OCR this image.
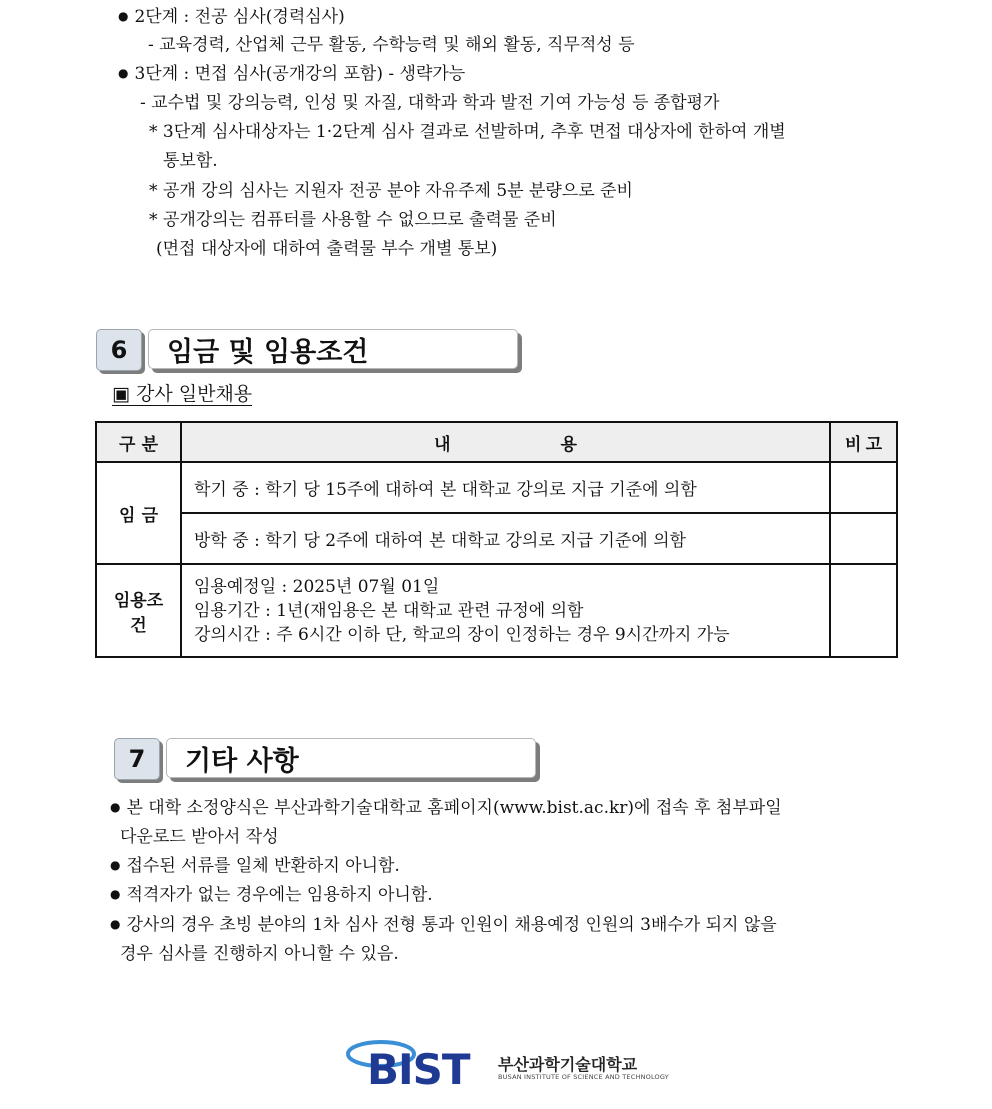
● 2단계 : 전공 심사(경력심사)
- 교육경력, 산업체 근무 활동, 수학능력 및 해외 활동, 직무적성 등
● 3단계 : 면접 심사(공개강의 포함) - 생략가능
- 교수법 및 강의능력, 인성 및 자질, 대학과 학과 발전 기여 가능성 등 종합평가
* 3단계 심사대상자는 1·2단계 심사 결과로 선발하며, 추후 면접 대상자에 한하여 개별
통보함.
* 공개 강의 심사는 지원자 전공 분야 자유주제 5분 분량으로 준비
* 공개강의는 컴퓨터를 사용할 수 없으므로 출력물 준비
(면접 대상자에 대하여 출력물 부수 개별 통보)
6	임금 및 임용조건
▣ 강사 일반채용
구 분	내 용	비 고

임 금	학기 중 : 학기 당 15주에 대하여 본 대학교 강의로 지급 기준에 의함	
	방학 중 : 학기 당 2주에 대하여 본 대학교 강의로 지급 기준에 의함	
임용조건	임용예정일 : 2025년 07월 01일
임용기간 : 1년(재임용은 본 대학교 관련 규정에 의함
강의시간 : 주 6시간 이하 단, 학교의 장이 인정하는 경우 9시간까지 가능	

7	기타 사항
● 본 대학 소정양식은 부산과학기술대학교 홈페이지(www.bist.ac.kr)에 접속 후 첨부파일
다운로드 받아서 작성
● 접수된 서류를 일체 반환하지 아니함.
● 적격자가 없는 경우에는 임용하지 아니함.
● 강사의 경우 초빙 분야의 1차 심사 전형 통과 인원이 채용예정 인원의 3배수가 되지 않을
경우 심사를 진행하지 아니할 수 있음.
BIST 부산과학기술대학교
BUSAN INSTITUTE OF SCIENCE AND TECHNOLOGY
